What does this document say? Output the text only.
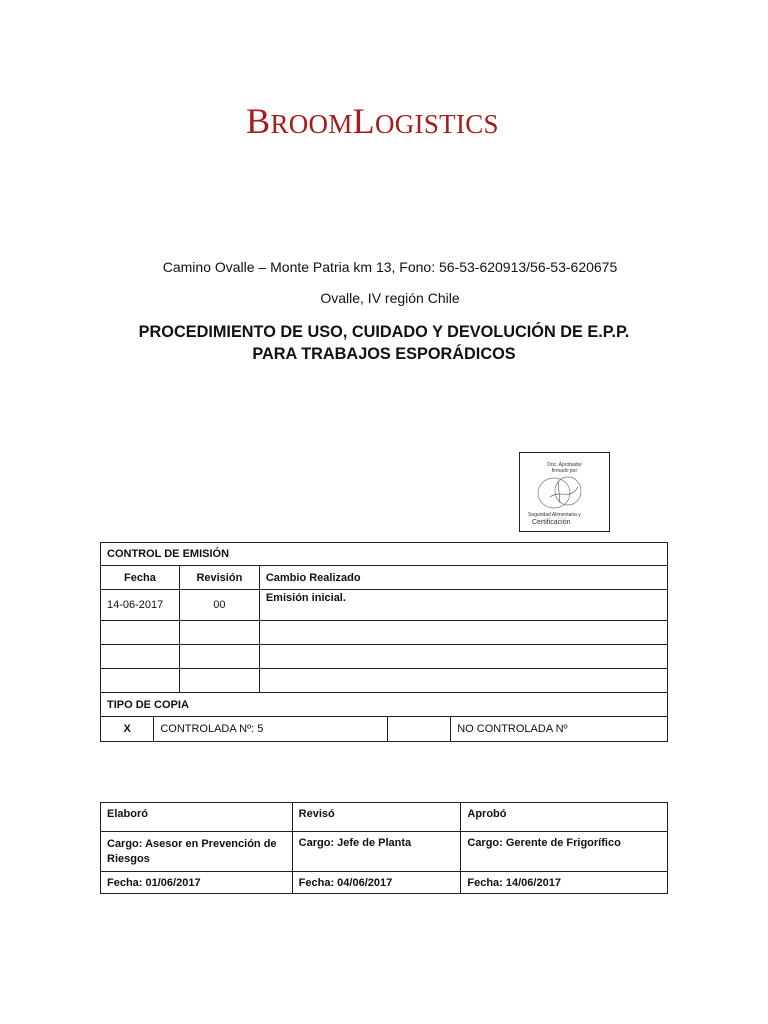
BROOMLOGISTICS
Camino Ovalle – Monte Patria km 13, Fono: 56-53-620913/56-53-620675
Ovalle, IV región Chile
PROCEDIMIENTO DE USO, CUIDADO Y DEVOLUCIÓN DE E.P.P.
PARA TRABAJOS ESPORÁDICOS
Doc. Aprobado/
firmado por
Seguridad Alimentaria y
Certificación
CONTROL DE EMISIÓN
Fecha	Revisión	Cambio Realizado
14-06-2017	00	Emisión inicial.

TIPO DE COPIA

X	CONTROLADA Nº: 5		NO CONTROLADA Nº
Elaboró	Revisó	Aprobó
Cargo: Asesor en Prevención de Riesgos	Cargo: Jefe de Planta	Cargo: Gerente de Frigorífico
Fecha: 01/06/2017	Fecha: 04/06/2017	Fecha: 14/06/2017
